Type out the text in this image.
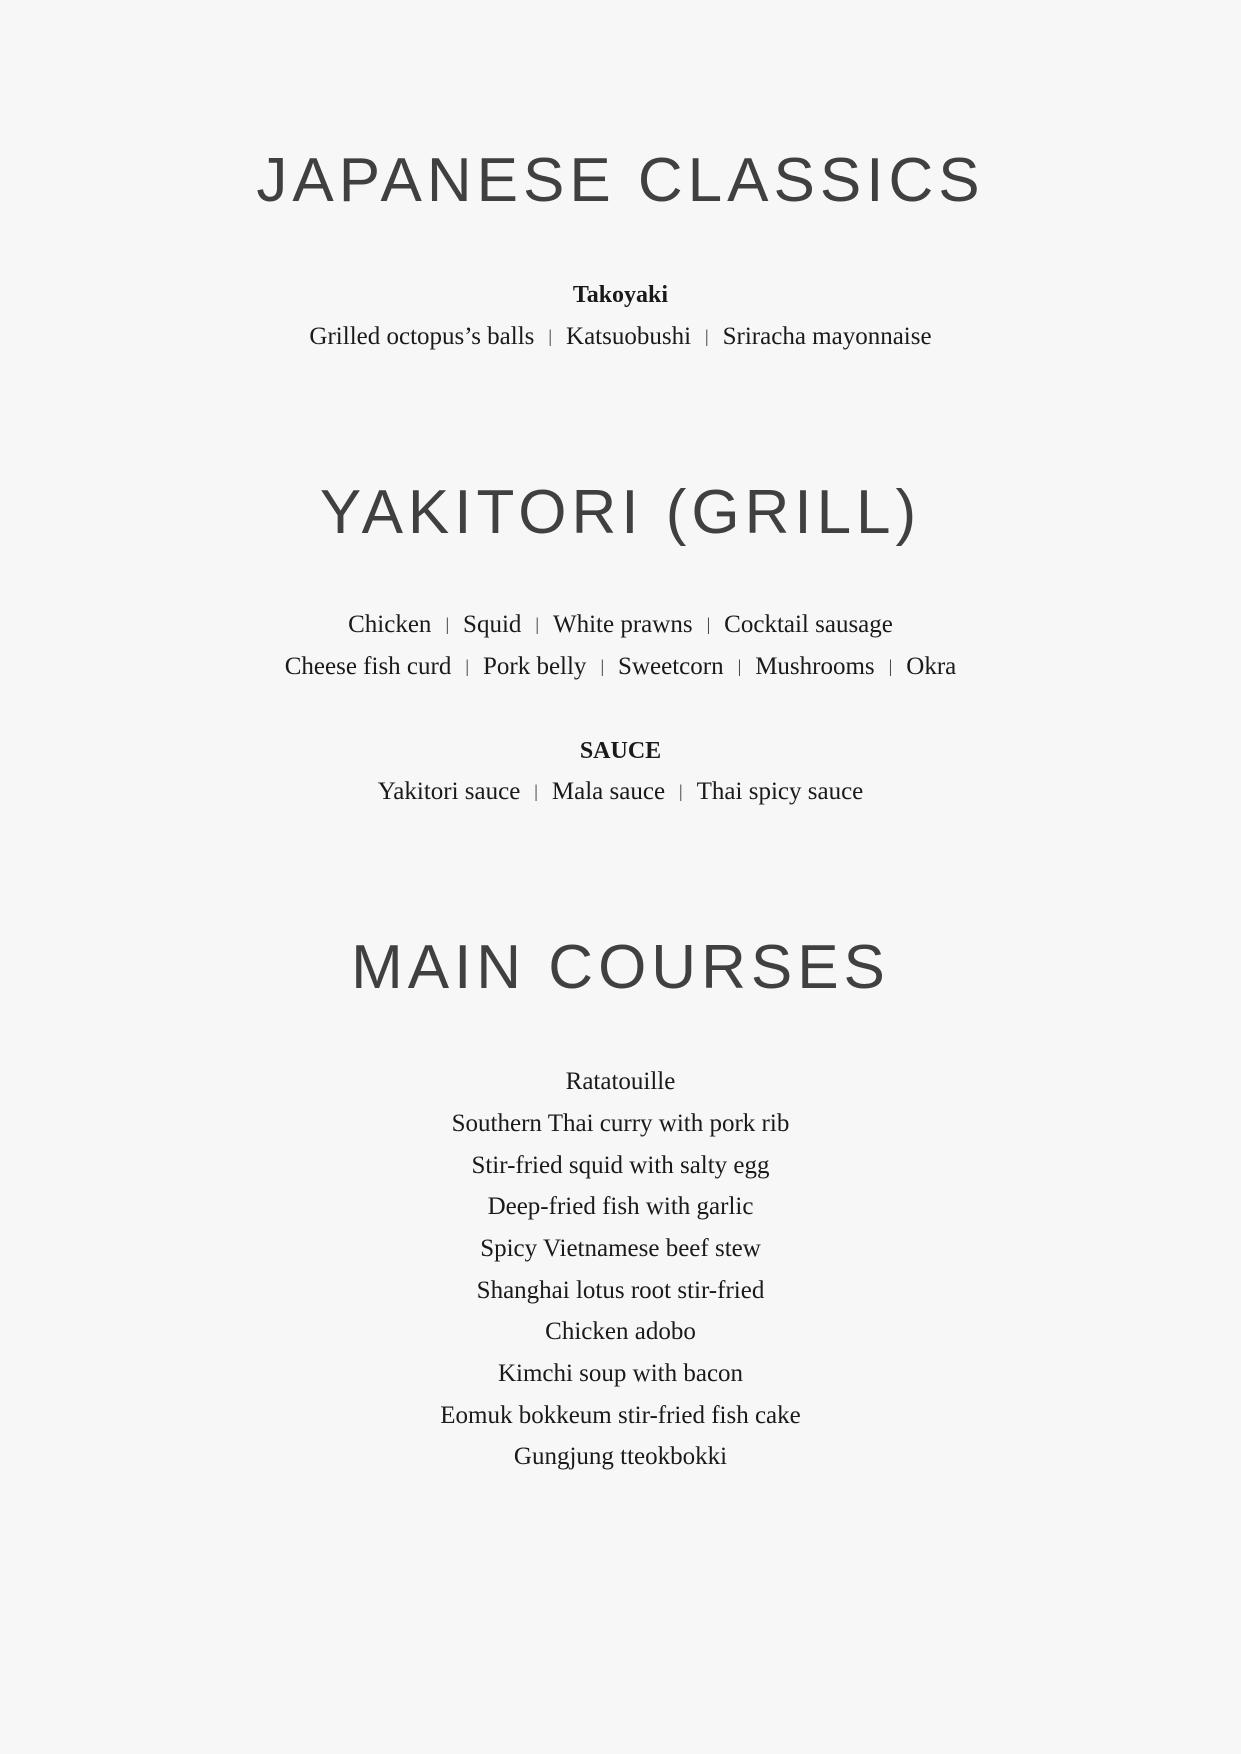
JAPANESE CLASSICS
Takoyaki
Grilled octopus’s balls | Katsuobushi | Sriracha mayonnaise
YAKITORI (GRILL)
Chicken | Squid | White prawns | Cocktail sausage
Cheese fish curd | Pork belly | Sweetcorn | Mushrooms | Okra
SAUCE
Yakitori sauce | Mala sauce | Thai spicy sauce
MAIN COURSES
Ratatouille
Southern Thai curry with pork rib
Stir-fried squid with salty egg
Deep-fried fish with garlic
Spicy Vietnamese beef stew
Shanghai lotus root stir-fried
Chicken adobo
Kimchi soup with bacon
Eomuk bokkeum stir-fried fish cake
Gungjung tteokbokki
